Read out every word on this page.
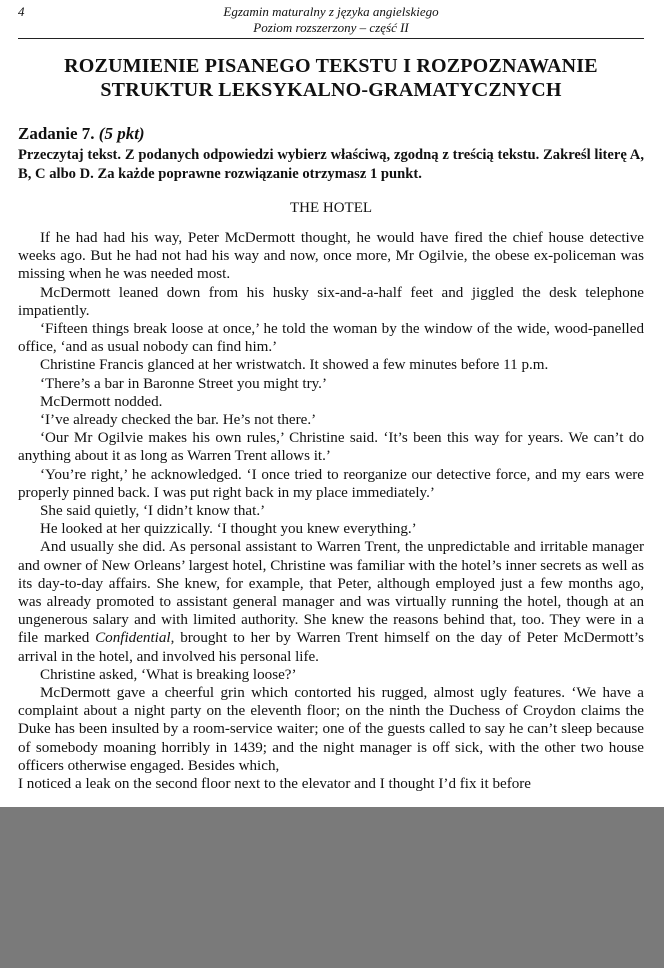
4	Egzamin maturalny z języka angielskiego
Poziom rozszerzony – część II
ROZUMIENIE PISANEGO TEKSTU I ROZPOZNAWANIE STRUKTUR LEKSYKALNO-GRAMATYCZNYCH
Zadanie 7. (5 pkt)
Przeczytaj tekst. Z podanych odpowiedzi wybierz właściwą, zgodną z treścią tekstu. Zakreśl literę A, B, C albo D. Za każde poprawne rozwiązanie otrzymasz 1 punkt.
THE HOTEL

If he had had his way, Peter McDermott thought, he would have fired the chief house detective weeks ago. But he had not had his way and now, once more, Mr Ogilvie, the obese ex-policeman was missing when he was needed most.

McDermott leaned down from his husky six-and-a-half feet and jiggled the desk telephone impatiently.

‘Fifteen things break loose at once,’ he told the woman by the window of the wide, wood-panelled office, ‘and as usual nobody can find him.’

Christine Francis glanced at her wristwatch. It showed a few minutes before 11 p.m.

‘There’s a bar in Baronne Street you might try.’

McDermott nodded.

‘I’ve already checked the bar. He’s not there.’

‘Our Mr Ogilvie makes his own rules,’ Christine said. ‘It’s been this way for years. We can’t do anything about it as long as Warren Trent allows it.’

‘You’re right,’ he acknowledged. ‘I once tried to reorganize our detective force, and my ears were properly pinned back. I was put right back in my place immediately.’

She said quietly, ‘I didn’t know that.’

He looked at her quizzically. ‘I thought you knew everything.’

And usually she did. As personal assistant to Warren Trent, the unpredictable and irritable manager and owner of New Orleans’ largest hotel, Christine was familiar with the hotel’s inner secrets as well as its day-to-day affairs. She knew, for example, that Peter, although employed just a few months ago, was already promoted to assistant general manager and was virtually running the hotel, though at an ungenerous salary and with limited authority. She knew the reasons behind that, too. They were in a file marked Confidential, brought to her by Warren Trent himself on the day of Peter McDermott’s arrival in the hotel, and involved his personal life.

Christine asked, ‘What is breaking loose?’

McDermott gave a cheerful grin which contorted his rugged, almost ugly features. ‘We have a complaint about a night party on the eleventh floor; on the ninth the Duchess of Croydon claims the Duke has been insulted by a room-service waiter; one of the guests called to say he can’t sleep because of somebody moaning horribly in 1439; and the night manager is off sick, with the other two house officers otherwise engaged. Besides which,

I noticed a leak on the second floor next to the elevator and I thought I’d fix it before
